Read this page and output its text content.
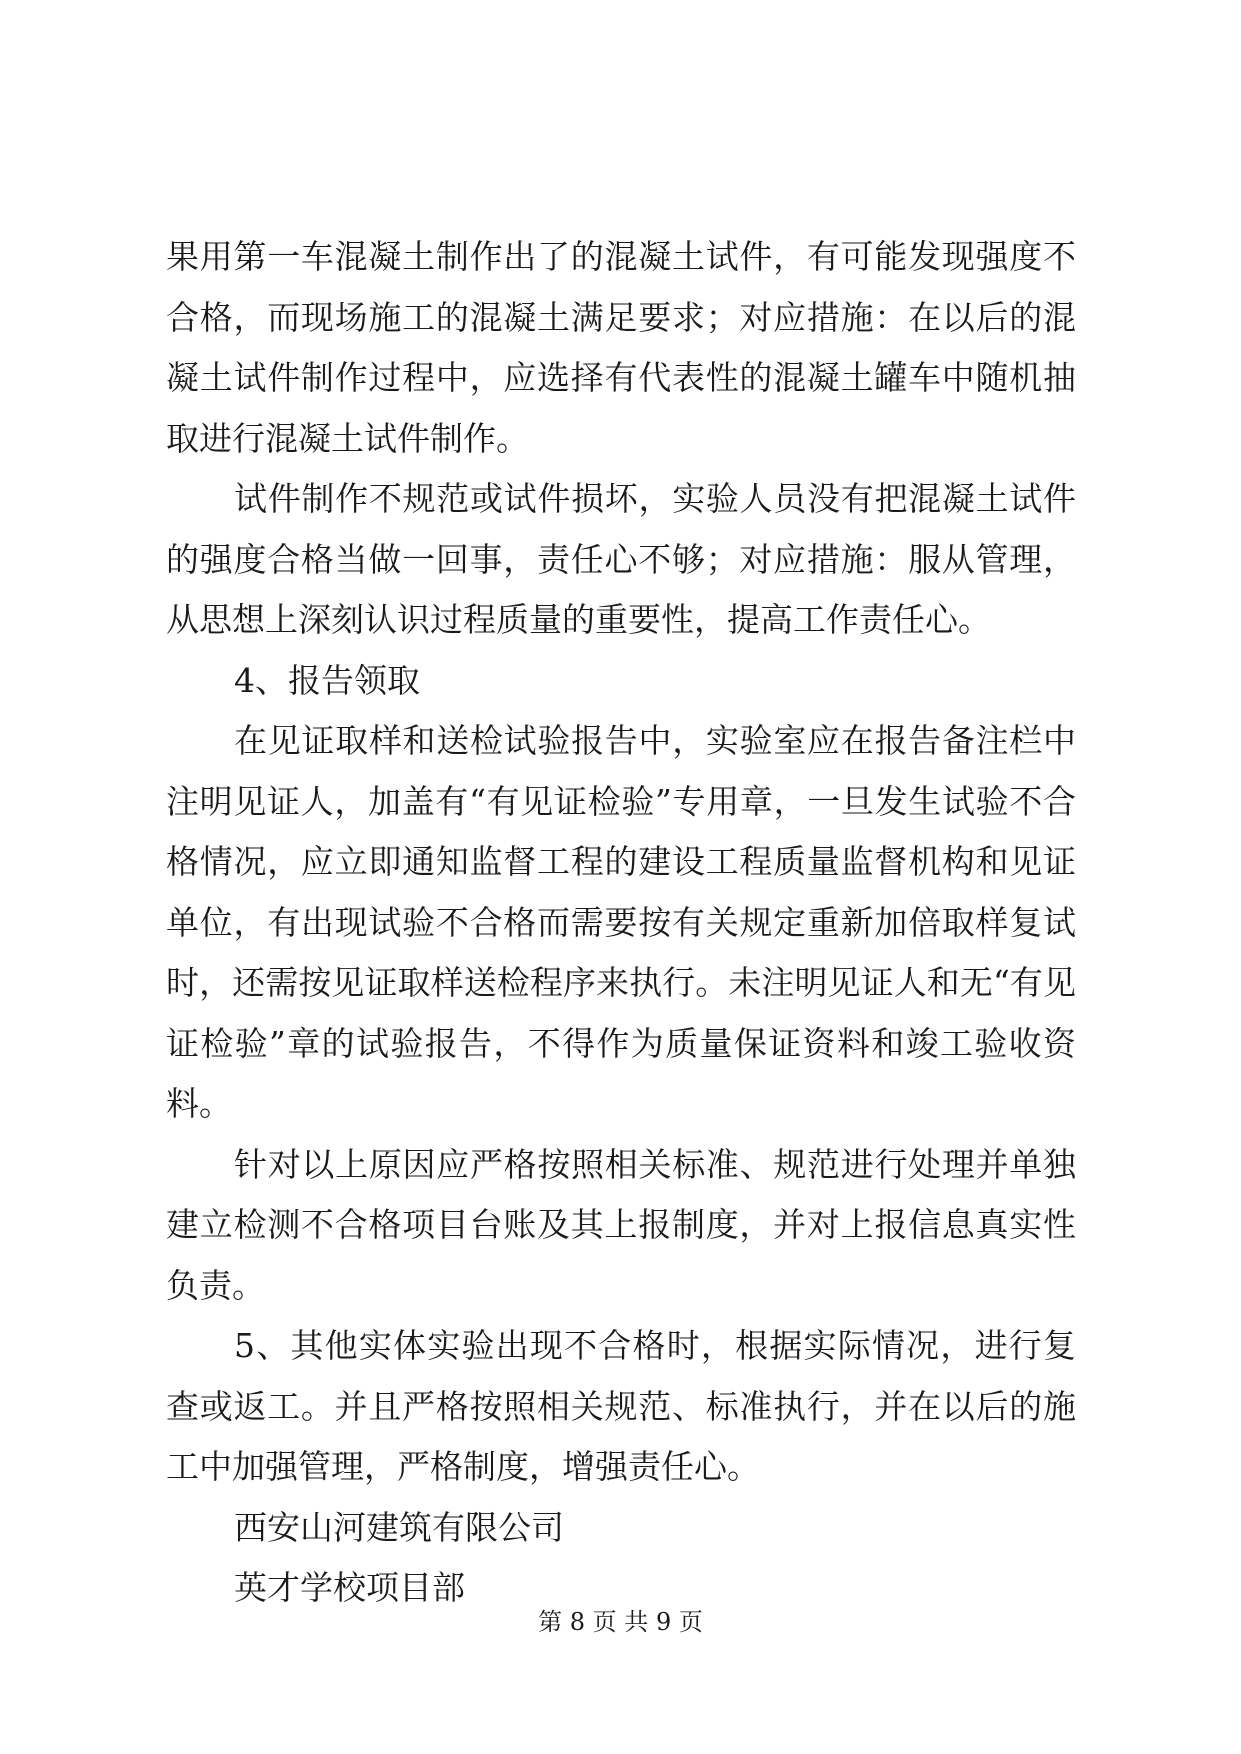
果用第一车混凝土制作出了的混凝土试件，有可能发现强度不合格，而现场施工的混凝土满足要求；对应措施：在以后的混凝土试件制作过程中，应选择有代表性的混凝土罐车中随机抽取进行混凝土试件制作。

试件制作不规范或试件损坏，实验人员没有把混凝土试件的强度合格当做一回事，责任心不够；对应措施：服从管理，从思想上深刻认识过程质量的重要性，提高工作责任心。

4、报告领取

在见证取样和送检试验报告中，实验室应在报告备注栏中注明见证人，加盖有“有见证检验”专用章，一旦发生试验不合格情况，应立即通知监督工程的建设工程质量监督机构和见证单位，有出现试验不合格而需要按有关规定重新加倍取样复试时，还需按见证取样送检程序来执行。未注明见证人和无“有见证检验”章的试验报告，不得作为质量保证资料和竣工验收资料。

针对以上原因应严格按照相关标准、规范进行处理并单独建立检测不合格项目台账及其上报制度，并对上报信息真实性负责。

5、其他实体实验出现不合格时，根据实际情况，进行复查或返工。并且严格按照相关规范、标准执行，并在以后的施工中加强管理，严格制度，增强责任心。

西安山河建筑有限公司

英才学校项目部

第 8 页 共 9 页
